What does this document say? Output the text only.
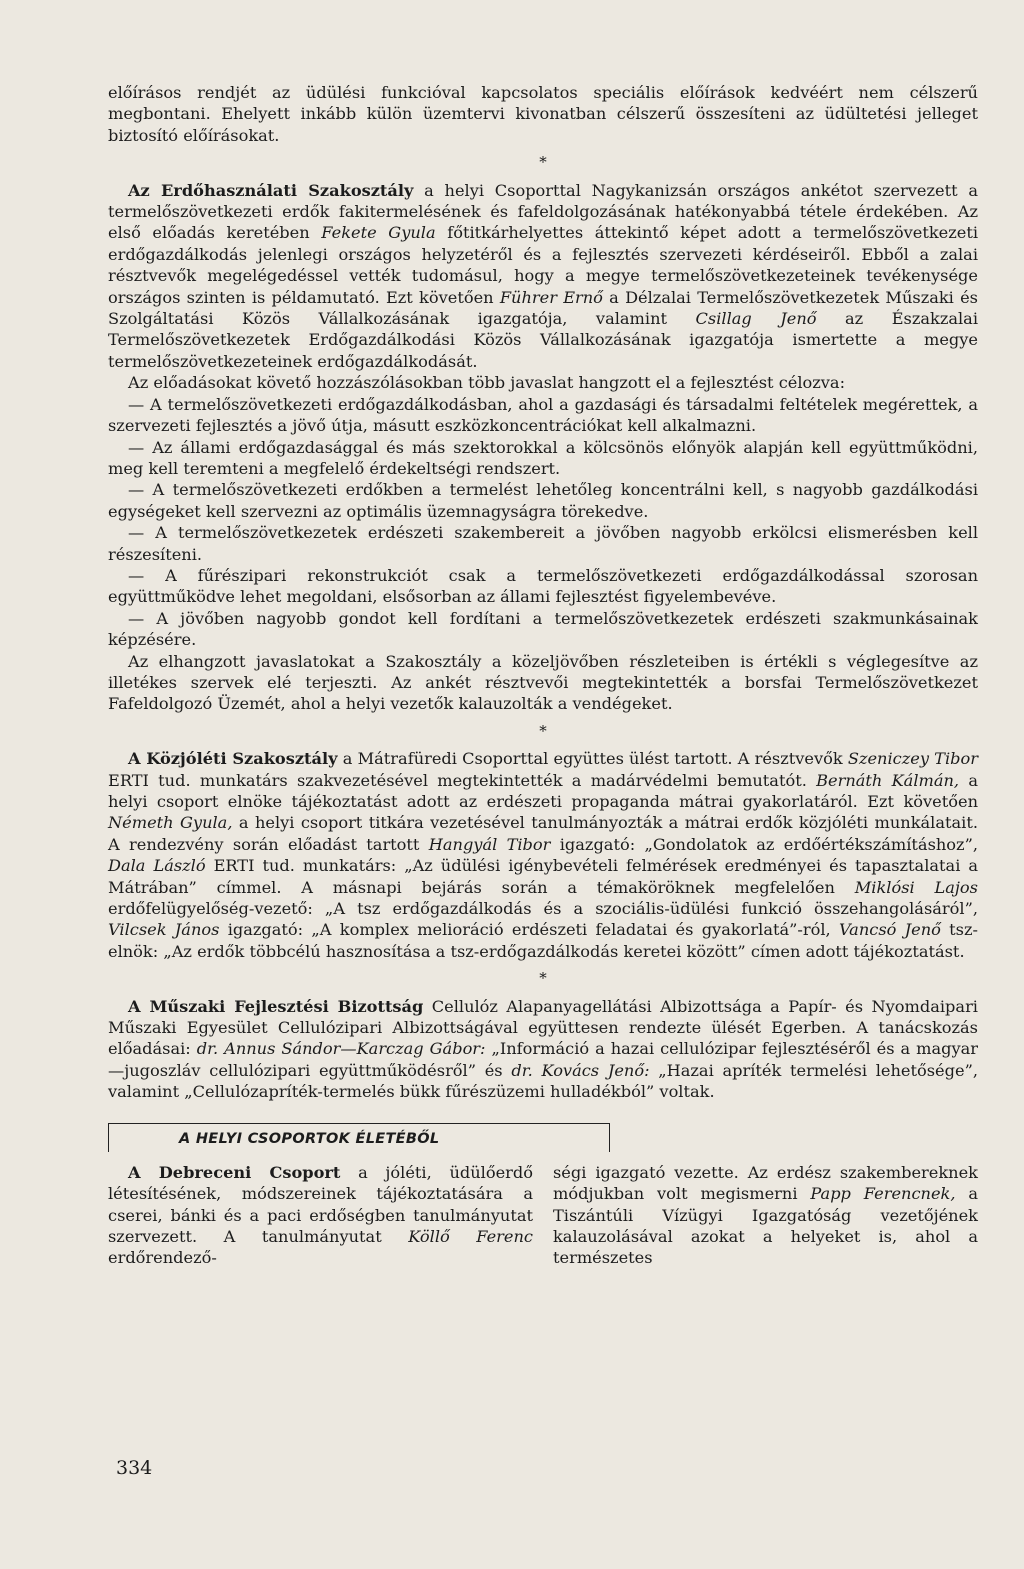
előírásos rendjét az üdülési funkcióval kapcsolatos speciális előírások kedvéért nem célszerű megbontani. Ehelyett inkább külön üzemtervi kivonatban célszerű összesíteni az üdültetési jelleget biztosító előírásokat.

*

Az Erdőhasználati Szakosztály a helyi Csoporttal Nagykanizsán országos ankétot szervezett a termelőszövetkezeti erdők fakitermelésének és fafeldolgozásának hatékonyabbá tétele érdekében. Az első előadás keretében Fekete Gyula főtitkárhelyettes áttekintő képet adott a termelőszövetkezeti erdőgazdálkodás jelenlegi országos helyzetéről és a fejlesztés szervezeti kérdéseiről. Ebből a zalai résztvevők megelégedéssel vették tudomásul, hogy a megye termelőszövetkezeteinek tevékenysége országos szinten is példamutató. Ezt követően Führer Ernő a Délzalai Termelőszövetkezetek Műszaki és Szolgáltatási Közös Vállalkozásának igazgatója, valamint Csillag Jenő az Északzalai Termelőszövetkezetek Erdőgazdálkodási Közös Vállalkozásának igazgatója ismertette a megye termelőszövetkezeteinek erdőgazdálkodását.

Az előadásokat követő hozzászólásokban több javaslat hangzott el a fejlesztést célozva:

— A termelőszövetkezeti erdőgazdálkodásban, ahol a gazdasági és társadalmi feltételek megérettek, a szervezeti fejlesztés a jövő útja, másutt eszközkoncentrációkat kell alkalmazni.

— Az állami erdőgazdasággal és más szektorokkal a kölcsönös előnyök alapján kell együttműködni, meg kell teremteni a megfelelő érdekeltségi rendszert.

— A termelőszövetkezeti erdőkben a termelést lehetőleg koncentrálni kell, s nagyobb gazdálkodási egységeket kell szervezni az optimális üzemnagyságra törekedve.

— A termelőszövetkezetek erdészeti szakembereit a jövőben nagyobb erkölcsi elismerésben kell részesíteni.

— A fűrészipari rekonstrukciót csak a termelőszövetkezeti erdőgazdálkodással szorosan együttműködve lehet megoldani, elsősorban az állami fejlesztést figyelembevéve.

— A jövőben nagyobb gondot kell fordítani a termelőszövetkezetek erdészeti szakmunkásainak képzésére.

Az elhangzott javaslatokat a Szakosztály a közeljövőben részleteiben is értékli s véglegesítve az illetékes szervek elé terjeszti. Az ankét résztvevői megtekintették a borsfai Termelőszövetkezet Fafeldolgozó Üzemét, ahol a helyi vezetők kalauzolták a vendégeket.

*

A Közjóléti Szakosztály a Mátrafüredi Csoporttal együttes ülést tartott. A résztvevők Szeniczey Tibor ERTI tud. munkatárs szakvezetésével megtekintették a madárvédelmi bemutatót. Bernáth Kálmán, a helyi csoport elnöke tájékoztatást adott az erdészeti propaganda mátrai gyakorlatáról. Ezt követően Németh Gyula, a helyi csoport titkára vezetésével tanulmányozták a mátrai erdők közjóléti munkálatait. A rendezvény során előadást tartott Hangyál Tibor igazgató: „Gondolatok az erdőértékszámításhoz”, Dala László ERTI tud. munkatárs: „Az üdülési igénybevételi felmérések eredményei és tapasztalatai a Mátrában” címmel. A másnapi bejárás során a témaköröknek megfelelően Miklósi Lajos erdőfelügyelőség-vezető: „A tsz erdőgazdálkodás és a szociális-üdülési funkció összehangolásáról”, Vilcsek János igazgató: „A komplex melioráció erdészeti feladatai és gyakorlatá”-ról, Vancsó Jenő tsz-elnök: „Az erdők többcélú hasznosítása a tsz-erdőgazdálkodás keretei között” címen adott tájékoztatást.

*

A Műszaki Fejlesztési Bizottság Cellulóz Alapanyagellátási Albizottsága a Papír- és Nyomdaipari Műszaki Egyesület Cellulózipari Albizottságával együttesen rendezte ülését Egerben. A tanácskozás előadásai: dr. Annus Sándor—Karczag Gábor: „Információ a hazai cellulózipar fejlesztéséről és a magyar—jugoszláv cellulózipari együttműködésről” és dr. Kovács Jenő: „Hazai apríték termelési lehetősége”, valamint „Cellulózapríték-termelés bükk fűrészüzemi hulladékból” voltak.

A HELYI CSOPORTOK ÉLETÉBŐL

A Debreceni Csoport a jóléti, üdülőerdő létesítésének, módszereinek tájékoztatására a cserei, bánki és a paci erdőségben tanulmányutat szervezett. A tanulmányutat Köllő Ferenc erdőrendező-

ségi igazgató vezette. Az erdész szakembereknek módjukban volt megismerni Papp Ferencnek, a Tiszántúli Vízügyi Igazgatóság vezetőjének kalauzolásával azokat a helyeket is, ahol a természetes

334
